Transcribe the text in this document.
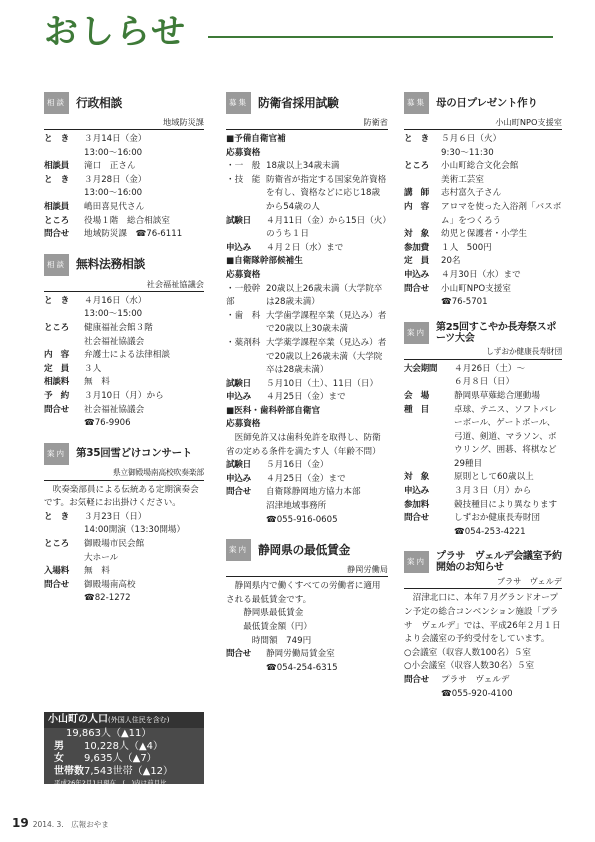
おしらせ
相談 行政相談
地域防災課
と　き	３月14日（金）
13:00～16:00
相談員	滝口　正さん
と　き	３月28日（金）
13:00～16:00
相談員	嶋田喜見代さん
ところ	役場１階　総合相談室
問合せ	地域防災課　☎76-6111
相談 無料法務相談
社会福祉協議会
と　き	４月16日（水）
13:00～15:00
ところ	健康福祉会館３階
社会福祉協議会
内　容	弁護士による法律相談
定　員	３人
相談料	無　料
予　約	３月10日（月）から
問合せ	社会福祉協議会
☎76-9906
案内 第35回雪どけコンサート
県立御殿場南高校吹奏楽部
吹奏楽部員による伝統ある定期演奏会です。お気軽にお出掛けください。
と　き	３月23日（日）
14:00開演（13:30開場）
ところ	御殿場市民会館
大ホール
入場料	無　料
問合せ	御殿場南高校
☎82-1272
小山町の人口(外国人住民を含む)
19,863人（▲11）
男	10,228人（▲4）
女	9,635人（▲7）
世帯数 7,543世帯（▲12）
平成26年2月1日現在　(　)内は前月比
募集 防衛省採用試験
防衛省
■予備自衛官補
応募資格
・一　般 18歳以上34歳未満
・技　能 防衛省が指定する国家免許資格を有し、資格などに応じ18歳から54歳の人
試験日	４月11日（金）から15日（火）のうち１日
申込み	４月２日（水）まで
■自衛隊幹部候補生
応募資格
・一般幹部
20歳以上26歳未満（大学院卒は28歳未満）
・歯　科 大学歯学課程卒業（見込み）者で20歳以上30歳未満
・薬剤科 大学薬学課程卒業（見込み）者で20歳以上26歳未満（大学院卒は28歳未満）
試験日	５月10日（土）、11日（日）
申込み	４月25日（金）まで
■医科・歯科幹部自衛官
応募資格
医師免許又は歯科免許を取得し、防衛省の定める条件を満たす人（年齢不問）
試験日	５月16日（金）
申込み	４月25日（金）まで
問合せ	自衛隊静岡地方協力本部
沼津地域事務所
☎055-916-0605
案内 静岡県の最低賃金
静岡労働局
静岡県内で働くすべての労働者に適用される最低賃金です。
静岡県最低賃金
最低賃金額（円）
時間額　749円
問合せ	静岡労働局賃金室
☎054-254-6315
募集 母の日プレゼント作り
小山町NPO支援室
と　き	５月６日（火）
9:30～11:30
ところ	小山町総合文化会館
美術工芸室
講　師	志村富久子さん
内　容	アロマを使った入浴剤「バスボム」をつくろう
対　象	幼児と保護者・小学生
参加費	１人　500円
定　員	20名
申込み	４月30日（水）まで
問合せ	小山町NPO支援室
☎76-5701
案内	第25回すこやか長寿祭スポーツ大会
しずおか健康長寿財団
大会期間	４月26日（土）～
６月８日（日）
会　場	静岡県草薙総合運動場
種　目	卓球、テニス、ソフトバレーボール、ゲートボール、弓道、剣道、マラソン、ボウリング、囲碁、将棋など29種目
対　象	原則として60歳以上
申込み	３月３日（月）から
参加料	競技種目により異なります
問合せ	しずおか健康長寿財団
☎054-253-4221
案内	プラサ　ヴェルデ会議室予約開始のお知らせ
プラサ　ヴェルデ
沼津北口に、本年７月グランドオープン予定の総合コンベンション施設「プラサ　ヴェルデ」では、平成26年２月１日より会議室の予約受付をしています。
○会議室（収容人数100名）５室
○小会議室（収容人数30名）５室
問合せ	プラサ　ヴェルデ
☎055-920-4100
19 2014. 3.　広報おやま
